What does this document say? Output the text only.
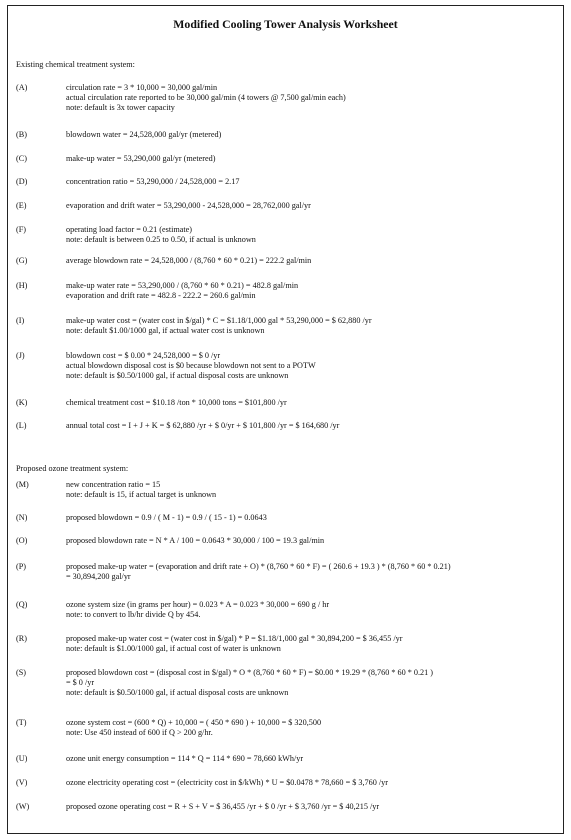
Modified Cooling Tower Analysis Worksheet
Existing chemical treatment system:
Proposed ozone treatment system:
(A)	circulation rate = 3 * 10,000 = 30,000 gal/min
actual circulation rate reported to be 30,000 gal/min (4 towers @ 7,500 gal/min each)
note: default is 3x tower capacity
(B)	blowdown water = 24,528,000 gal/yr (metered)
(C)	make-up water = 53,290,000 gal/yr (metered)
(D)	concentration ratio = 53,290,000 / 24,528,000 = 2.17
(E)	evaporation and drift water = 53,290,000 - 24,528,000 = 28,762,000 gal/yr
(F)	operating load factor = 0.21 (estimate)
note: default is between 0.25 to 0.50, if actual is unknown
(G)	average blowdown rate = 24,528,000 / (8,760 * 60 * 0.21) = 222.2 gal/min
(H)	make-up water rate = 53,290,000 / (8,760 * 60 * 0.21) = 482.8 gal/min
evaporation and drift rate = 482.8 - 222.2 = 260.6 gal/min
(I)	make-up water cost = (water cost in $/gal) * C = $1.18/1,000 gal * 53,290,000 = $ 62,880 /yr
note: default $1.00/1000 gal, if actual water cost is unknown
(J)	blowdown cost = $ 0.00 * 24,528,000 = $ 0 /yr
actual blowdown disposal cost is $0 because blowdown not sent to a POTW
note: default is $0.50/1000 gal, if actual disposal costs are unknown
(K)	chemical treatment cost = $10.18 /ton * 10,000 tons = $101,800 /yr
(L)	annual total cost = I + J + K = $ 62,880 /yr + $ 0/yr + $ 101,800 /yr = $ 164,680 /yr
(M)	new concentration ratio = 15
note: default is 15, if actual target is unknown
(N)	proposed blowdown = 0.9 / ( M - 1) = 0.9 / ( 15 - 1) = 0.0643
(O)	proposed blowdown rate = N * A / 100 = 0.0643 * 30,000 / 100 = 19.3 gal/min
(P)	proposed make-up water = (evaporation and drift rate + O) * (8,760 * 60 * F) = ( 260.6 + 19.3 ) * (8,760 * 60 * 0.21)
= 30,894,200 gal/yr
(Q)	ozone system size (in grams per hour) = 0.023 * A = 0.023 * 30,000 = 690 g / hr
note: to convert to lb/hr divide Q by 454.
(R)	proposed make-up water cost = (water cost in $/gal) * P = $1.18/1,000 gal * 30,894,200 = $ 36,455 /yr
note: default is $1.00/1000 gal, if actual cost of water is unknown
(S)	proposed blowdown cost = (disposal cost in $/gal) * O * (8,760 * 60 * F) = $0.00 * 19.29 * (8,760 * 60 * 0.21 )
= $ 0 /yr
note: default is $0.50/1000 gal, if actual disposal costs are unknown
(T)	ozone system cost = (600 * Q) + 10,000 = ( 450 * 690 ) + 10,000 = $ 320,500
note: Use 450 instead of 600 if Q > 200 g/hr.
(U)	ozone unit energy consumption = 114 * Q = 114 * 690 = 78,660 kWh/yr
(V)	ozone electricity operating cost = (electricity cost in $/kWh) * U = $0.0478 * 78,660 = $ 3,760 /yr
(W)	proposed ozone operating cost = R + S + V = $ 36,455 /yr + $ 0 /yr + $ 3,760 /yr = $ 40,215 /yr
